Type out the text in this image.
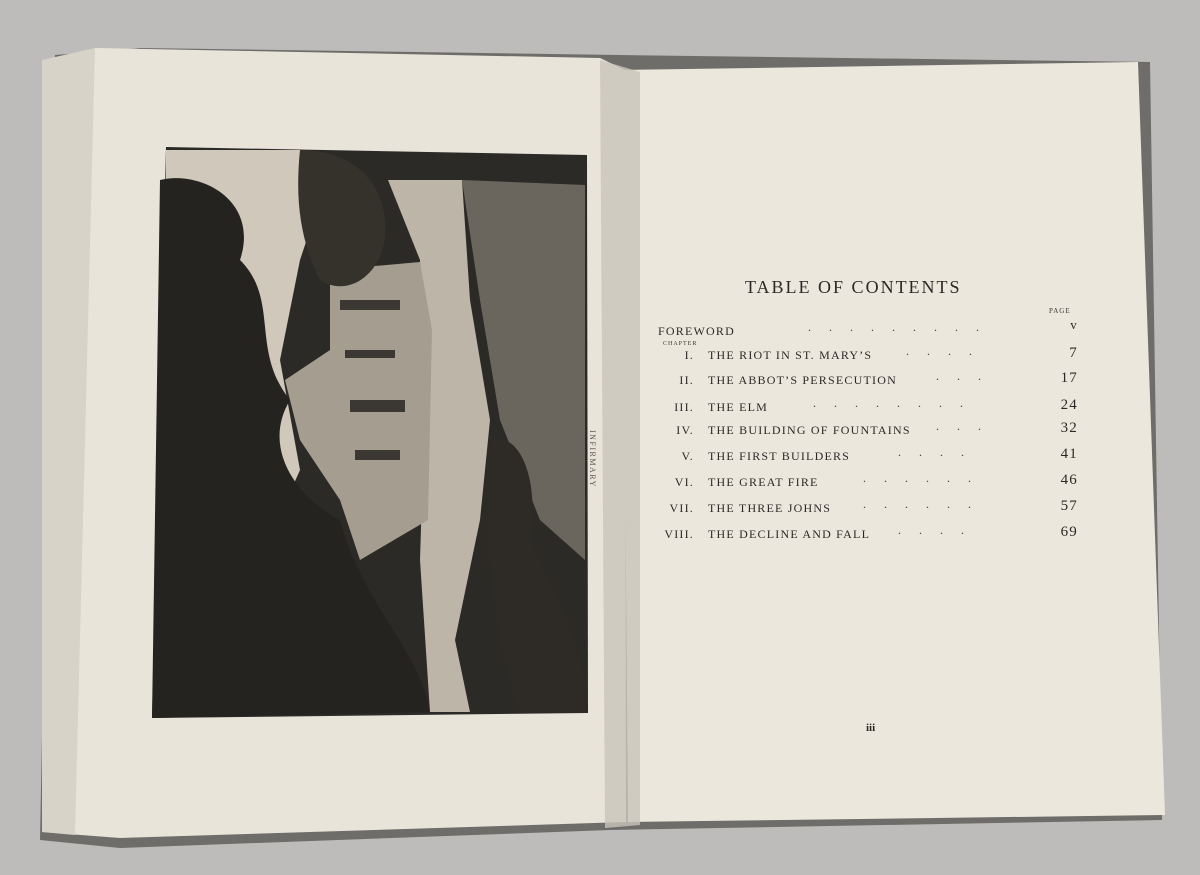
INFIRMARY
TABLE OF CONTENTS
PAGE
FOREWORD	.........	v
CHAPTER
I. THE RIOT IN ST. MARY’S	....	7
II. THE ABBOT’S PERSECUTION	...	17
III. THE ELM	........	24
IV. THE BUILDING OF FOUNTAINS ...	32
V. THE FIRST BUILDERS	....	41
VI. THE GREAT FIRE	......	46
VII. THE THREE JOHNS	......	57
VIII. THE DECLINE AND FALL ....	69
iii
